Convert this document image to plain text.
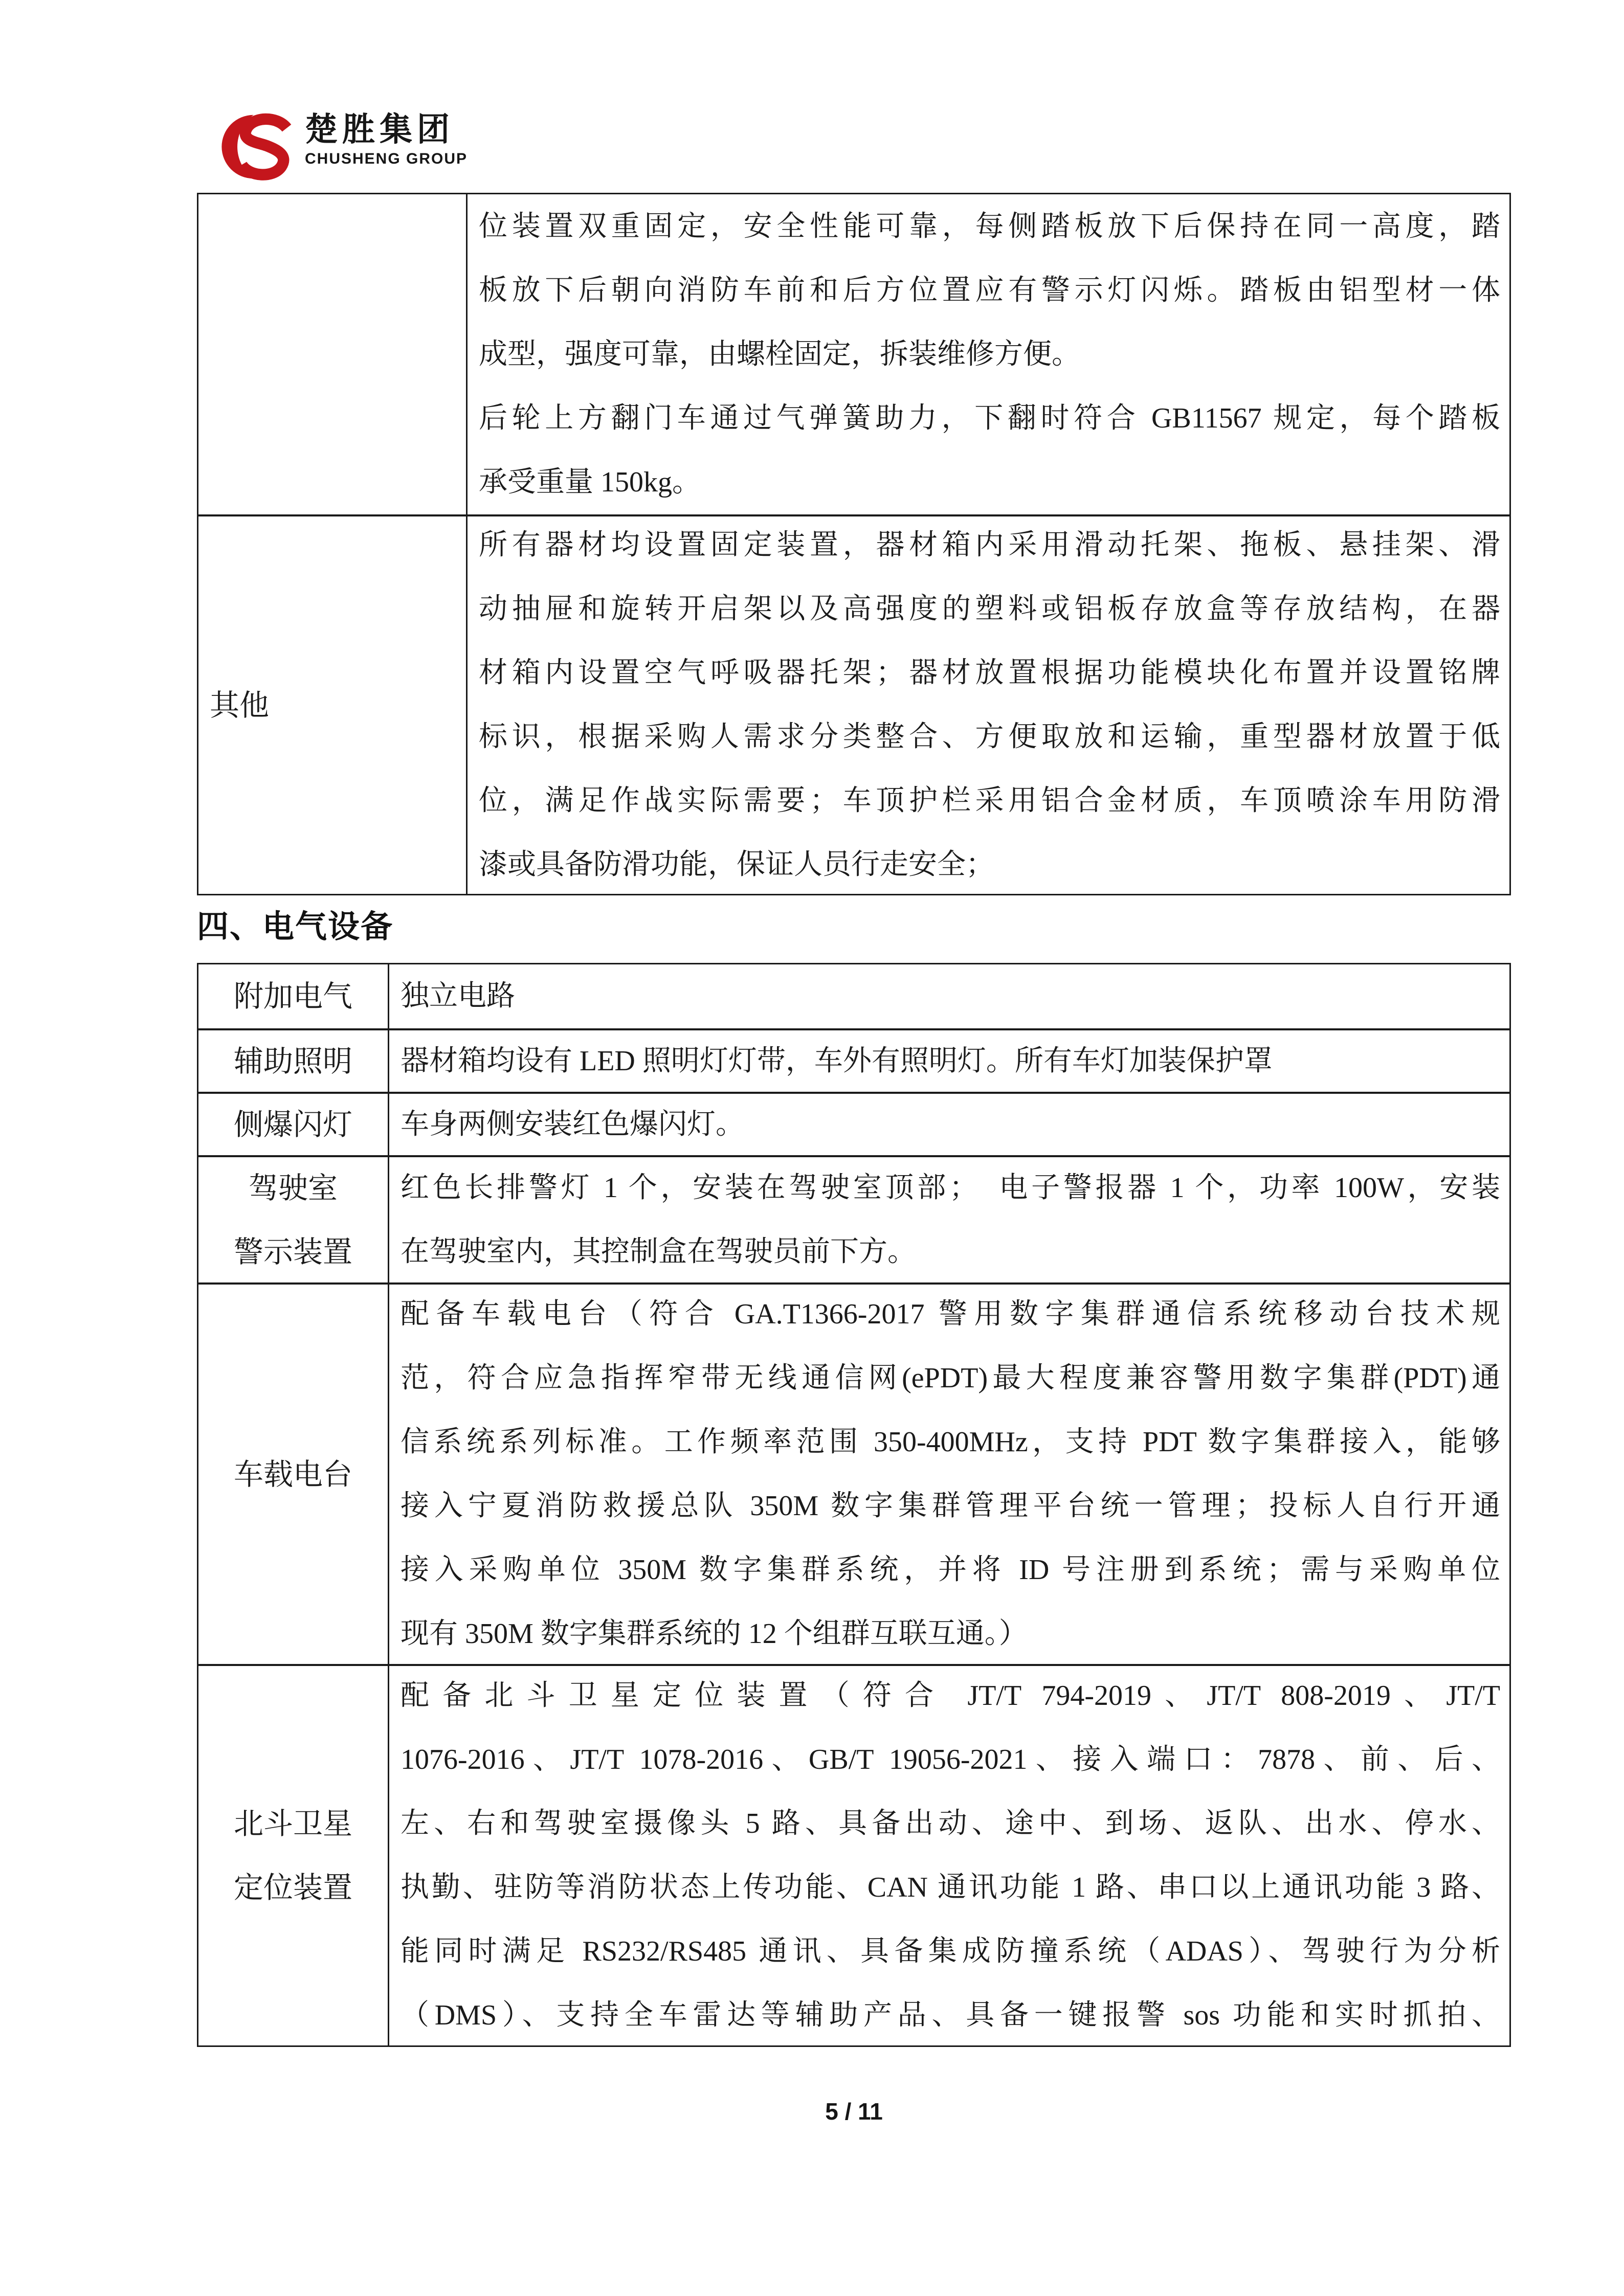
楚胜集团
CHUSHENG GROUP
位装置双重固定，安全性能可靠，每侧踏板放下后保持在同一高度，踏
板放下后朝向消防车前和后方位置应有警示灯闪烁。踏板由铝型材一体
成型，强度可靠，由螺栓固定，拆装维修方便。
后轮上方翻门车通过气弹簧助力，下翻时符合 GB11567 规定，每个踏板
承受重量 150kg。
其他
所有器材均设置固定装置，器材箱内采用滑动托架、拖板、悬挂架、滑
动抽屉和旋转开启架以及高强度的塑料或铝板存放盒等存放结构，在器
材箱内设置空气呼吸器托架；器材放置根据功能模块化布置并设置铭牌
标识，根据采购人需求分类整合、方便取放和运输，重型器材放置于低
位，满足作战实际需要；车顶护栏采用铝合金材质，车顶喷涂车用防滑
漆或具备防滑功能，保证人员行走安全；
四、电气设备
附加电气 独立电路
辅助照明 器材箱均设有 LED 照明灯灯带，车外有照明灯。所有车灯加装保护罩
侧爆闪灯 车身两侧安装红色爆闪灯。
驾驶室
警示装置
红色长排警灯 1 个，安装在驾驶室顶部；　电子警报器 1 个，功率 100W，安装
在驾驶室内，其控制盒在驾驶员前下方。
车载电台
配备车载电台（符合 GA.T1366-2017 警用数字集群通信系统移动台技术规
范，符合应急指挥窄带无线通信网(ePDT)最大程度兼容警用数字集群(PDT)通
信系统系列标准。工作频率范围 350-400MHz，支持 PDT 数字集群接入，能够
接入宁夏消防救援总队 350M 数字集群管理平台统一管理；投标人自行开通
接入采购单位 350M 数字集群系统，并将 ID 号注册到系统；需与采购单位
现有 350M 数字集群系统的 12 个组群互联互通。）
北斗卫星
定位装置
配备北斗卫星定位装置（符合 JT/T 794-2019、JT/T 808-2019、JT/T
1076-2016、JT/T 1078-2016、GB/T 19056-2021、接入端口：7878、前、后、
左、右和驾驶室摄像头 5 路、具备出动、途中、到场、返队、出水、停水、
执勤、驻防等消防状态上传功能、CAN 通讯功能 1 路、串口以上通讯功能 3 路、
能同时满足 RS232/RS485 通讯、具备集成防撞系统（ADAS）、驾驶行为分析
（DMS）、支持全车雷达等辅助产品、具备一键报警 sos 功能和实时抓拍、
5 / 11
